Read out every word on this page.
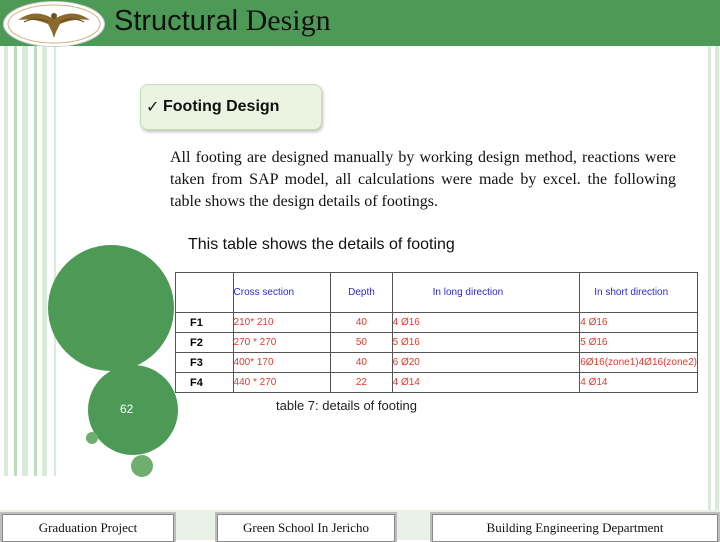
Structural Design
62
✓ Footing Design
All footing are designed manually by working design method, reactions were taken from SAP model, all calculations were made by excel. the following table shows the design details of footings.
This table shows the details of footing
	Cross section	Depth	In long direction	In short direction
F1	210* 210	40	4 Ø16	4 Ø16
F2	270 * 270	50	5 Ø16	5 Ø16
F3	400* 170	40	6 Ø20	6Ø16(zone1)4Ø16(zone2)
F4	440 * 270	22	4 Ø14	4 Ø14
table 7: details of footing
Graduation Project	Green School In Jericho	Building Engineering Department
